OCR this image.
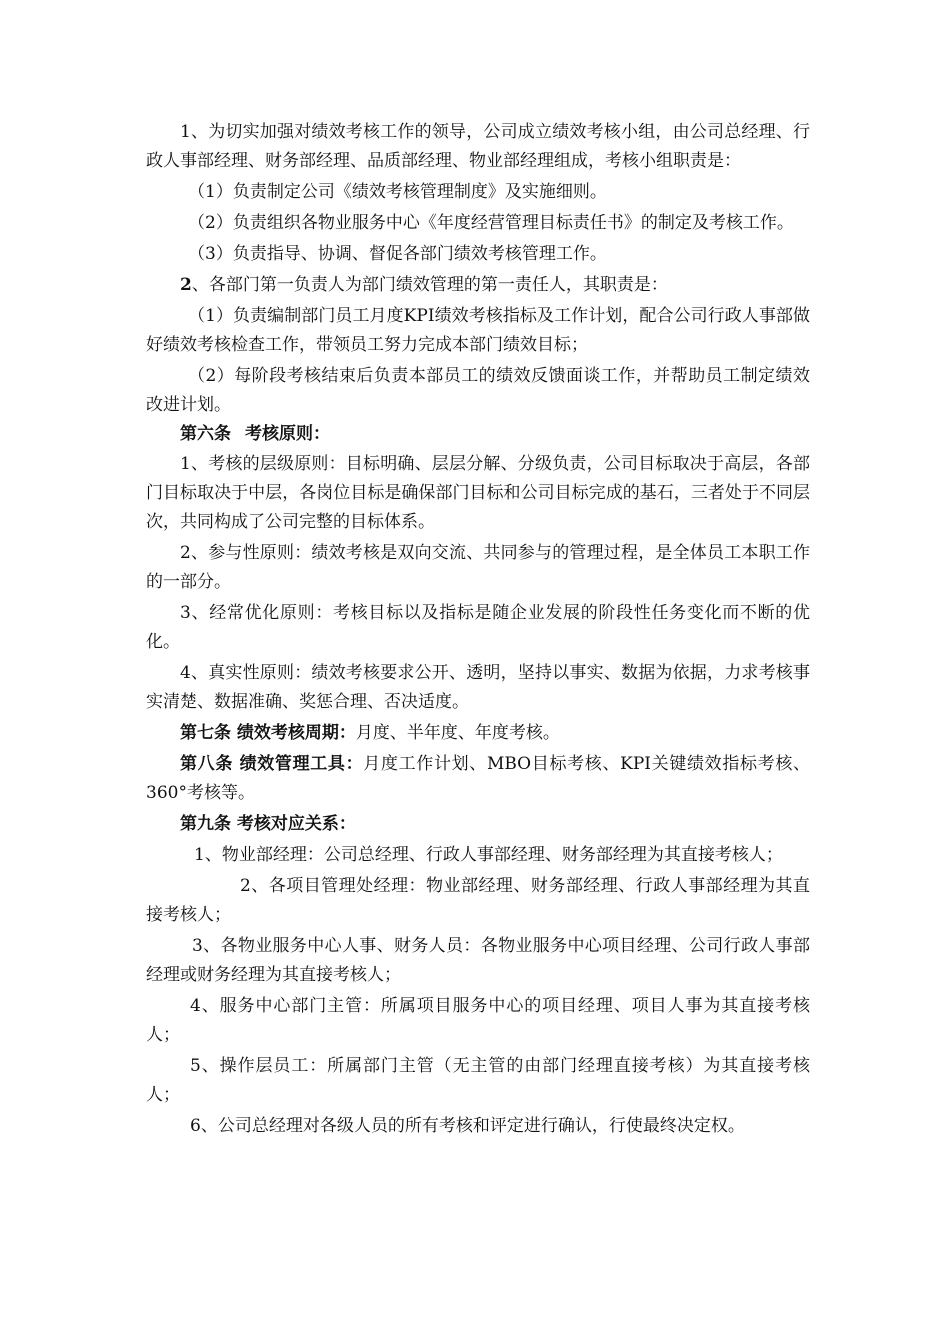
1、为切实加强对绩效考核工作的领导，公司成立绩效考核小组，由公司总经理、行政人事部经理、财务部经理、品质部经理、物业部经理组成，考核小组职责是：

（1）负责制定公司《绩效考核管理制度》及实施细则。

（2）负责组织各物业服务中心《年度经营管理目标责任书》的制定及考核工作。

（3）负责指导、协调、督促各部门绩效考核管理工作。

2、各部门第一负责人为部门绩效管理的第一责任人，其职责是：

（1）负责编制部门员工月度KPI绩效考核指标及工作计划，配合公司行政人事部做好绩效考核检查工作，带领员工努力完成本部门绩效目标；

（2）每阶段考核结束后负责本部员工的绩效反馈面谈工作，并帮助员工制定绩效改进计划。

第六条 考核原则：

1、考核的层级原则：目标明确、层层分解、分级负责，公司目标取决于高层，各部门目标取决于中层，各岗位目标是确保部门目标和公司目标完成的基石，三者处于不同层次，共同构成了公司完整的目标体系。

2、参与性原则：绩效考核是双向交流、共同参与的管理过程，是全体员工本职工作的一部分。

3、经常优化原则：考核目标以及指标是随企业发展的阶段性任务变化而不断的优化。

4、真实性原则：绩效考核要求公开、透明，坚持以事实、数据为依据，力求考核事实清楚、数据准确、奖惩合理、否决适度。

第七条 绩效考核周期：月度、半年度、年度考核。

第八条 绩效管理工具：月度工作计划、MBO目标考核、KPI关键绩效指标考核、360°考核等。

第九条 考核对应关系：

1、物业部经理：公司总经理、行政人事部经理、财务部经理为其直接考核人；

2、各项目管理处经理：物业部经理、财务部经理、行政人事部经理为其直接考核人；

3、各物业服务中心人事、财务人员：各物业服务中心项目经理、公司行政人事部经理或财务经理为其直接考核人；

4、服务中心部门主管：所属项目服务中心的项目经理、项目人事为其直接考核人；

5、操作层员工：所属部门主管（无主管的由部门经理直接考核）为其直接考核人；

6、公司总经理对各级人员的所有考核和评定进行确认，行使最终决定权。
